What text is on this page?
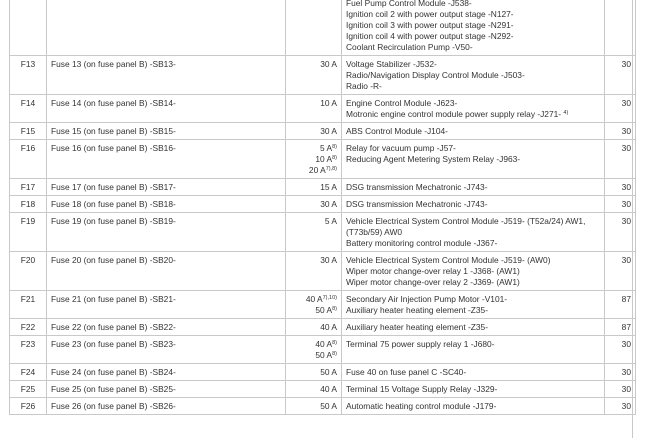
			Fuel Pump Control Module -J538-
Ignition coil 2 with power output stage -N127-
Ignition coil 3 with power output stage -N291-
Ignition coil 4 with power output stage -N292-
Coolant Recirculation Pump -V50-	

F13	Fuse 13 (on fuse panel B) -SB13-	30 A	Voltage Stabilizer -J532-
Radio/Navigation Display Control Module -J503-
Radio -R-	30
F14	Fuse 14 (on fuse panel B) -SB14-	10 A	Engine Control Module -J623-
Motronic engine control module power supply relay -J271- $^{4)}$	30
F15	Fuse 15 (on fuse panel B) -SB15-	30 A	ABS Control Module -J104-	30
F16	Fuse 16 (on fuse panel B) -SB16-	5 $A^{8)}$
10 $A^{8)}$
20 $A^{7),8)}$	Relay for vacuum pump -J57-
Reducing Agent Metering System Relay -J963-	30
F17	Fuse 17 (on fuse panel B) -SB17-	15 A	DSG transmission Mechatronic -J743-	30
F18	Fuse 18 (on fuse panel B) -SB18-	30 A	DSG transmission Mechatronic -J743-	30
F19	Fuse 19 (on fuse panel B) -SB19-	5 A	Vehicle Electrical System Control Module -J519- (T52a/24) AW1,
(T73b/59) AW0
Battery monitoring control module -J367-	30
F20	Fuse 20 (on fuse panel B) -SB20-	30 A	Vehicle Electrical System Control Module -J519- (AW0)
Wiper motor change-over relay 1 -J368- (AW1)
Wiper motor change-over relay 2 -J369- (AW1)	30
F21	Fuse 21 (on fuse panel B) -SB21-	40 $A^{7),10)}$
50 $A^{8)}$	Secondary Air Injection Pump Motor -V101-
Auxiliary heater heating element -Z35-	87
F22	Fuse 22 (on fuse panel B) -SB22-	40 A	Auxiliary heater heating element -Z35-	87
F23	Fuse 23 (on fuse panel B) -SB23-	40 $A^{8)}$
50 $A^{8)}$	Terminal 75 power supply relay 1 -J680-	30
F24	Fuse 24 (on fuse panel B) -SB24-	50 A	Fuse 40 on fuse panel C -SC40-	30
F25	Fuse 25 (on fuse panel B) -SB25-	40 A	Terminal 15 Voltage Supply Relay -J329-	30
F26	Fuse 26 (on fuse panel B) -SB26-	50 A	Automatic heating control module -J179-	30
